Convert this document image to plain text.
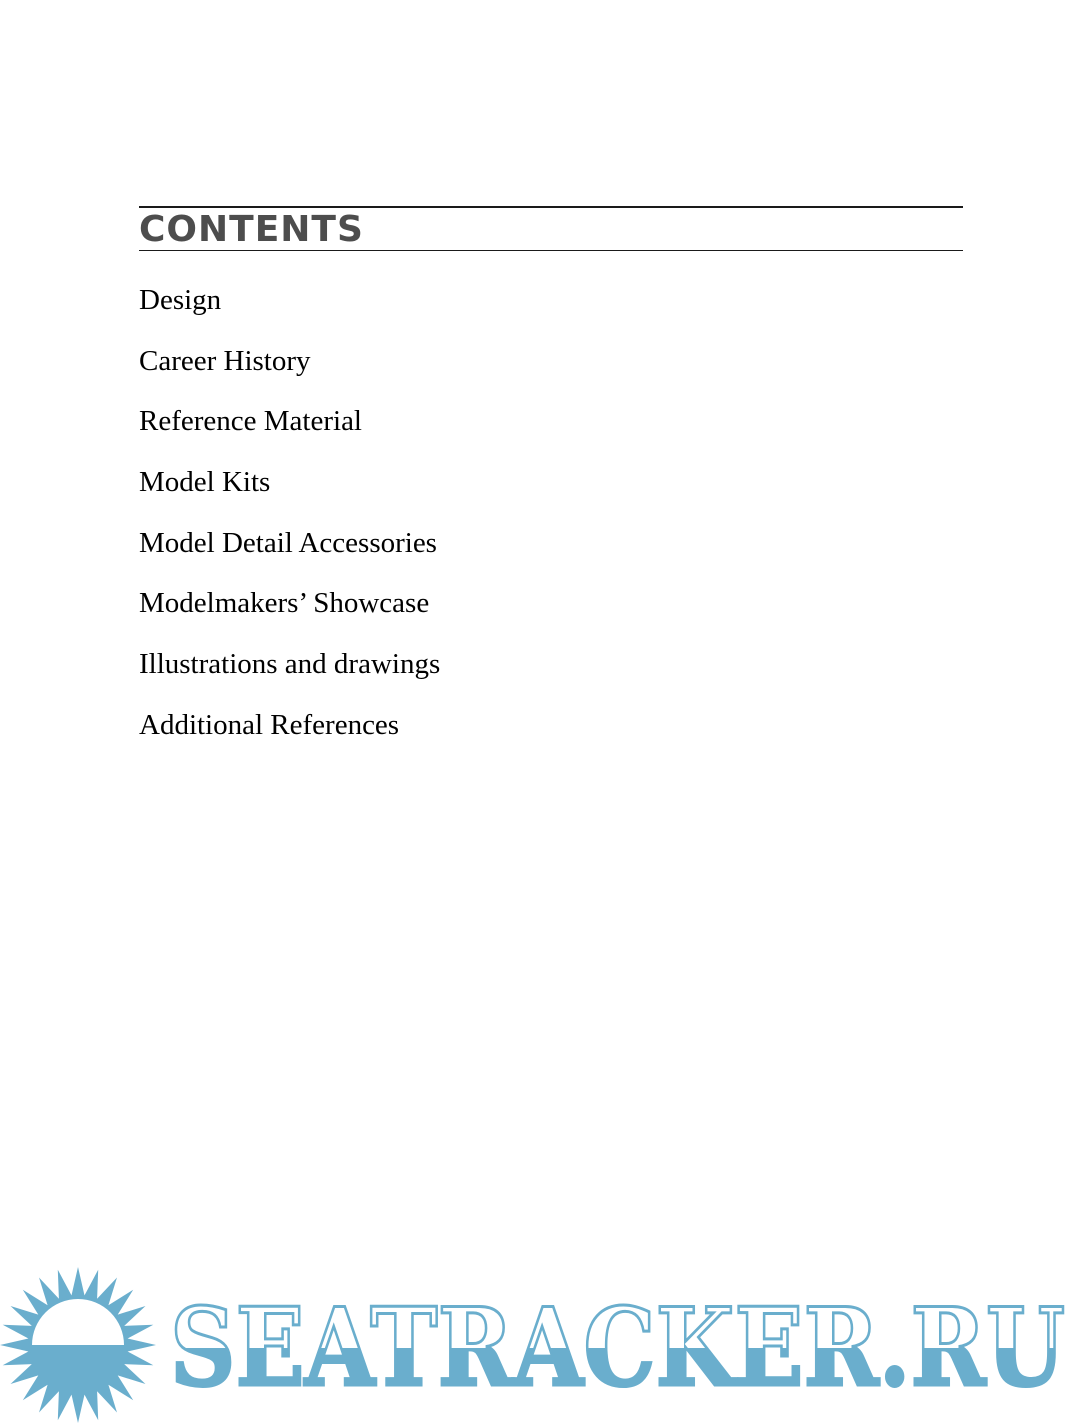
CONTENTS
Design
Career History
Reference Material
Model Kits
Model Detail Accessories
Modelmakers’ Showcase
Illustrations and drawings
Additional References
SEATRACKER.RU
